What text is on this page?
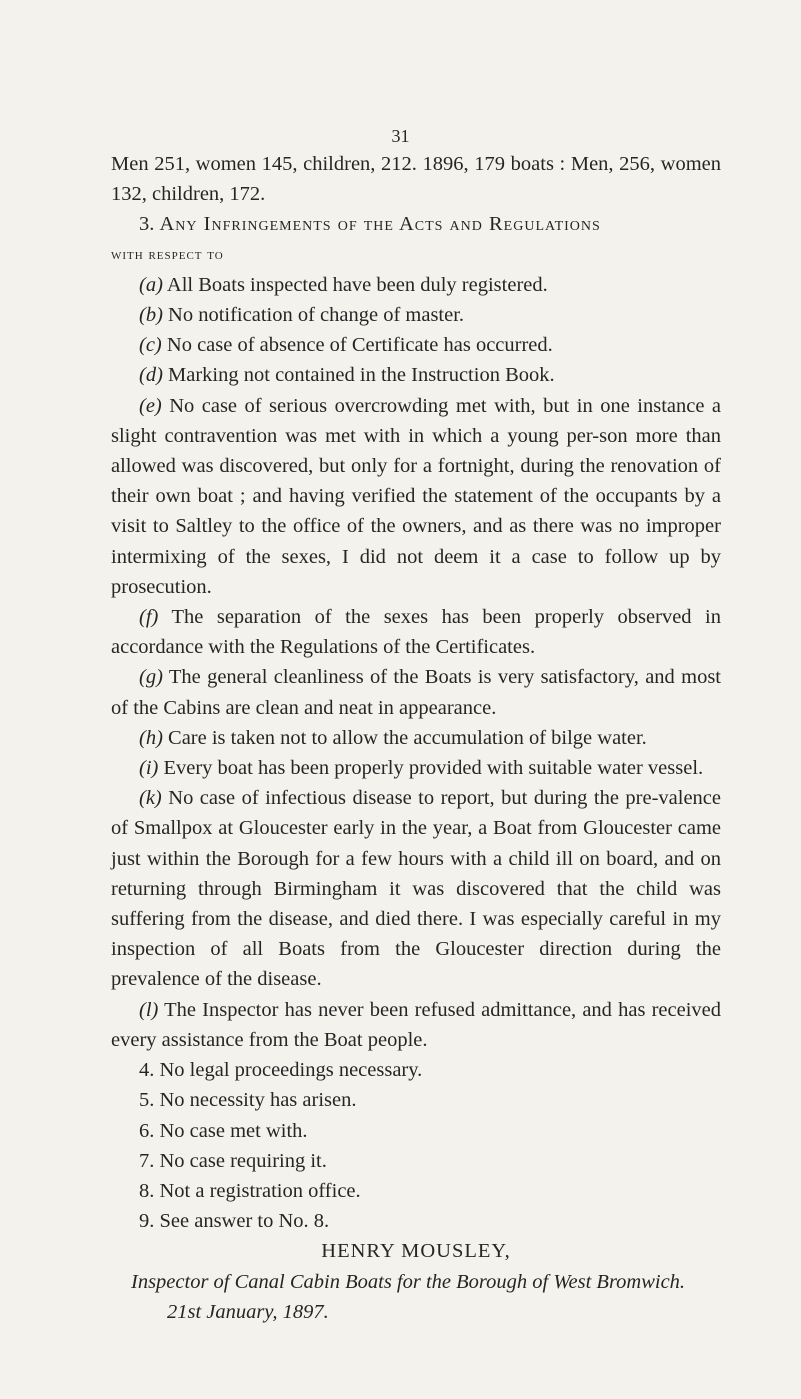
31

Men 251, women 145, children, 212. 1896, 179 boats : Men, 256, women 132, children, 172.

3. Any Infringements of the Acts and Regulations

with respect to

(a) All Boats inspected have been duly registered.

(b) No notification of change of master.

(c) No case of absence of Certificate has occurred.

(d) Marking not contained in the Instruction Book.

(e) No case of serious overcrowding met with, but in one instance a slight contravention was met with in which a young per-son more than allowed was discovered, but only for a fortnight, during the renovation of their own boat ; and having verified the statement of the occupants by a visit to Saltley to the office of the owners, and as there was no improper intermixing of the sexes, I did not deem it a case to follow up by prosecution.

(f) The separation of the sexes has been properly observed in accordance with the Regulations of the Certificates.

(g) The general cleanliness of the Boats is very satisfactory, and most of the Cabins are clean and neat in appearance.

(h) Care is taken not to allow the accumulation of bilge water.

(i) Every boat has been properly provided with suitable water vessel.

(k) No case of infectious disease to report, but during the pre-valence of Smallpox at Gloucester early in the year, a Boat from Gloucester came just within the Borough for a few hours with a child ill on board, and on returning through Birmingham it was discovered that the child was suffering from the disease, and died there. I was especially careful in my inspection of all Boats from the Gloucester direction during the prevalence of the disease.

(l) The Inspector has never been refused admittance, and has received every assistance from the Boat people.

4. No legal proceedings necessary.

5. No necessity has arisen.

6. No case met with.

7. No case requiring it.

8. Not a registration office.

9. See answer to No. 8.

HENRY MOUSLEY,

Inspector of Canal Cabin Boats for the Borough of West Bromwich.

21st January, 1897.
